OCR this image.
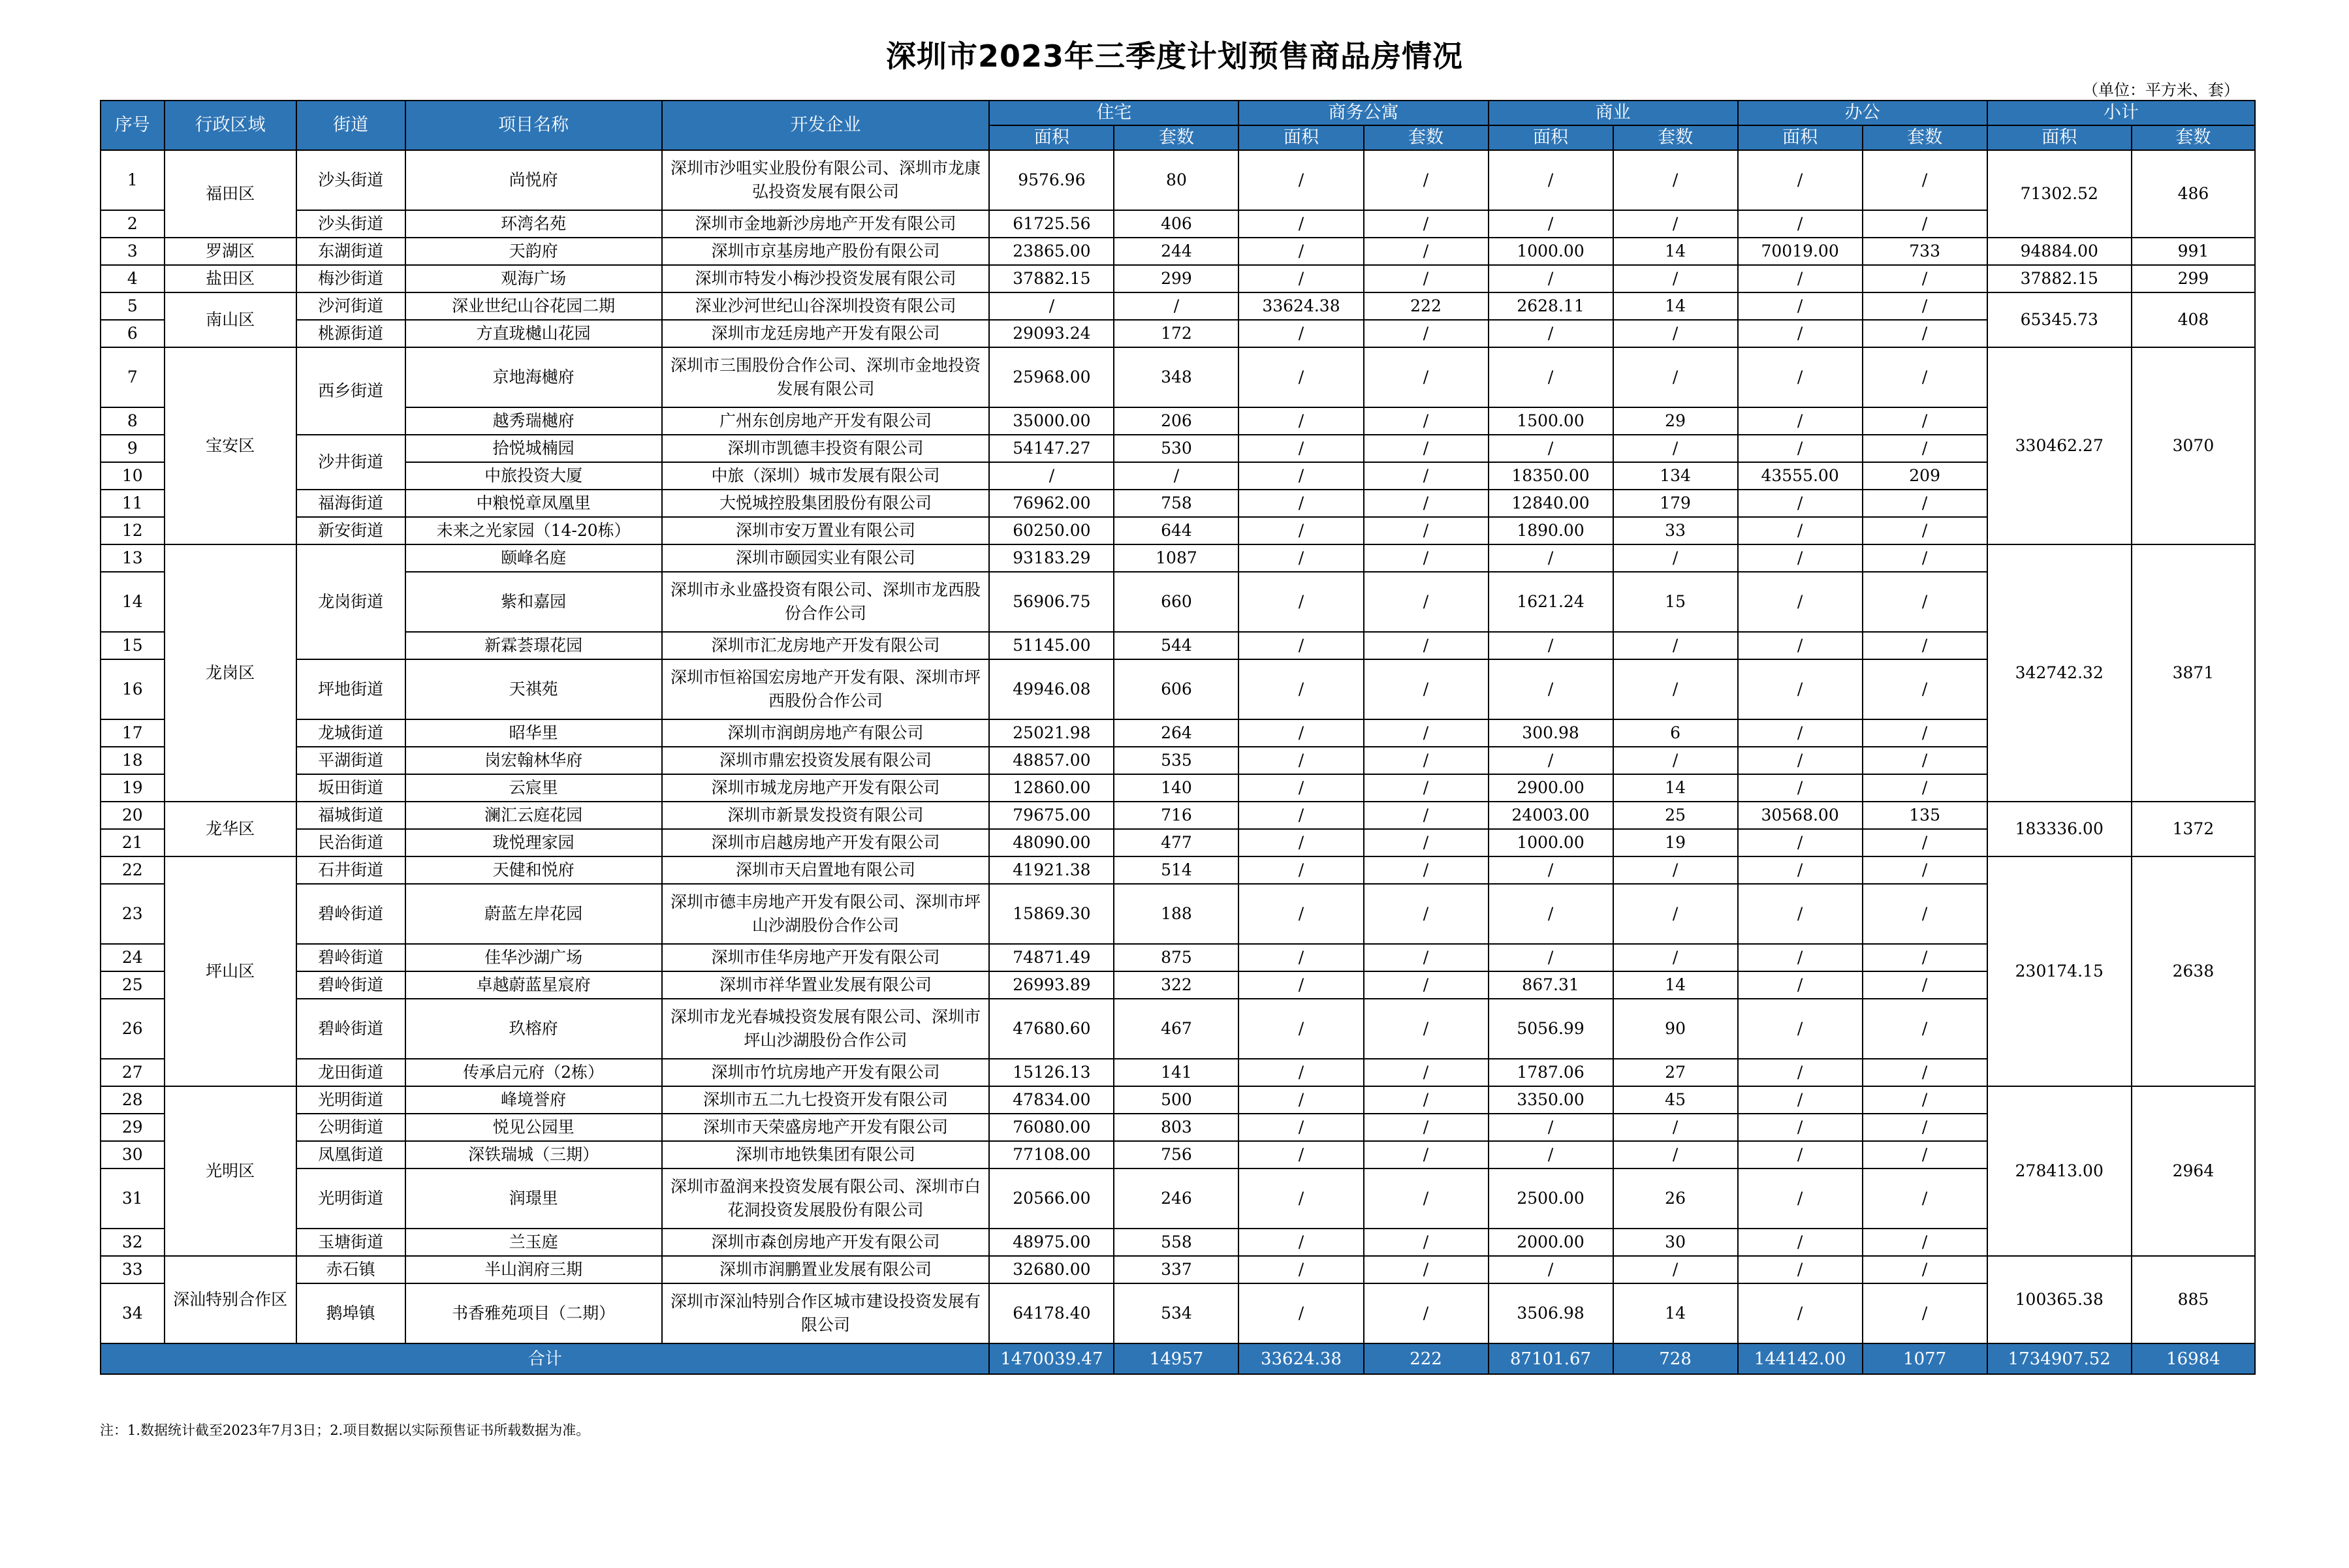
深圳市2023年三季度计划预售商品房情况
（单位：平方米、套）
序号	行政区域	街道	项目名称	开发企业	住宅		商务公寓		商业		办公		小计	
					面积	套数	面积	套数	面积	套数	面积	套数	面积	套数
1	福田区	沙头街道	尚悦府	深圳市沙咀实业股份有限公司、深圳市龙康弘投资发展有限公司	9576.96	80	/	/	/	/	/	/	71302.52	486
2		沙头街道	环湾名苑	深圳市金地新沙房地产开发有限公司	61725.56	406	/	/	/	/	/	/		
3	罗湖区	东湖街道	天韵府	深圳市京基房地产股份有限公司	23865.00	244	/	/	1000.00	14	70019.00	733	94884.00	991
4	盐田区	梅沙街道	观海广场	深圳市特发小梅沙投资发展有限公司	37882.15	299	/	/	/	/	/	/	37882.15	299
5	南山区	沙河街道	深业世纪山谷花园二期	深业沙河世纪山谷深圳投资有限公司	/	/	33624.38	222	2628.11	14	/	/	65345.73	408
6		桃源街道	方直珑樾山花园	深圳市龙廷房地产开发有限公司	29093.24	172	/	/	/	/	/	/		
7	宝安区	西乡街道	京地海樾府	深圳市三围股份合作公司、深圳市金地投资发展有限公司	25968.00	348	/	/	/	/	/	/	330462.27	3070
8			越秀瑞樾府	广州东创房地产开发有限公司	35000.00	206	/	/	1500.00	29	/	/		
9		沙井街道	拾悦城楠园	深圳市凯德丰投资有限公司	54147.27	530	/	/	/	/	/	/		
10			中旅投资大厦	中旅（深圳）城市发展有限公司	/	/	/	/	18350.00	134	43555.00	209		
11		福海街道	中粮悦章凤凰里	大悦城控股集团股份有限公司	76962.00	758	/	/	12840.00	179	/	/		
12		新安街道	未来之光家园（14-20栋）	深圳市安万置业有限公司	60250.00	644	/	/	1890.00	33	/	/		
13	龙岗区	龙岗街道	颐峰名庭	深圳市颐园实业有限公司	93183.29	1087	/	/	/	/	/	/	342742.32	3871
14			紫和嘉园	深圳市永业盛投资有限公司、深圳市龙西股份合作公司	56906.75	660	/	/	1621.24	15	/	/		
15			新霖荟璟花园	深圳市汇龙房地产开发有限公司	51145.00	544	/	/	/	/	/	/		
16		坪地街道	天祺苑	深圳市恒裕国宏房地产开发有限、深圳市坪西股份合作公司	49946.08	606	/	/	/	/	/	/		
17		龙城街道	昭华里	深圳市润朗房地产有限公司	25021.98	264	/	/	300.98	6	/	/		
18		平湖街道	岗宏翰林华府	深圳市鼎宏投资发展有限公司	48857.00	535	/	/	/	/	/	/		
19		坂田街道	云宸里	深圳市城龙房地产开发有限公司	12860.00	140	/	/	2900.00	14	/	/		
20	龙华区	福城街道	澜汇云庭花园	深圳市新景发投资有限公司	79675.00	716	/	/	24003.00	25	30568.00	135	183336.00	1372
21		民治街道	珑悦理家园	深圳市启越房地产开发有限公司	48090.00	477	/	/	1000.00	19	/	/		
22	坪山区	石井街道	天健和悦府	深圳市天启置地有限公司	41921.38	514	/	/	/	/	/	/	230174.15	2638
23		碧岭街道	蔚蓝左岸花园	深圳市德丰房地产开发有限公司、深圳市坪山沙湖股份合作公司	15869.30	188	/	/	/	/	/	/		
24		碧岭街道	佳华沙湖广场	深圳市佳华房地产开发有限公司	74871.49	875	/	/	/	/	/	/		
25		碧岭街道	卓越蔚蓝星宸府	深圳市祥华置业发展有限公司	26993.89	322	/	/	867.31	14	/	/		
26		碧岭街道	玖榕府	深圳市龙光春城投资发展有限公司、深圳市坪山沙湖股份合作公司	47680.60	467	/	/	5056.99	90	/	/		
27		龙田街道	传承启元府（2栋）	深圳市竹坑房地产开发有限公司	15126.13	141	/	/	1787.06	27	/	/		
28	光明区	光明街道	峰境誉府	深圳市五二九七投资开发有限公司	47834.00	500	/	/	3350.00	45	/	/	278413.00	2964
29		公明街道	悦见公园里	深圳市天荣盛房地产开发有限公司	76080.00	803	/	/	/	/	/	/		
30		凤凰街道	深铁瑞城（三期）	深圳市地铁集团有限公司	77108.00	756	/	/	/	/	/	/		
31		光明街道	润璟里	深圳市盈润来投资发展有限公司、深圳市白花洞投资发展股份有限公司	20566.00	246	/	/	2500.00	26	/	/		
32		玉塘街道	兰玉庭	深圳市森创房地产开发有限公司	48975.00	558	/	/	2000.00	30	/	/		
33	深汕特别合作区	赤石镇	半山润府三期	深圳市润鹏置业发展有限公司	32680.00	337	/	/	/	/	/	/	100365.38	885
34		鹅埠镇	书香雅苑项目（二期）	深圳市深汕特别合作区城市建设投资发展有限公司	64178.40	534	/	/	3506.98	14	/	/		
合计					1470039.47	14957	33624.38	222	87101.67	728	144142.00	1077	1734907.52	16984
注：1.数据统计截至2023年7月3日；2.项目数据以实际预售证书所载数据为准。
